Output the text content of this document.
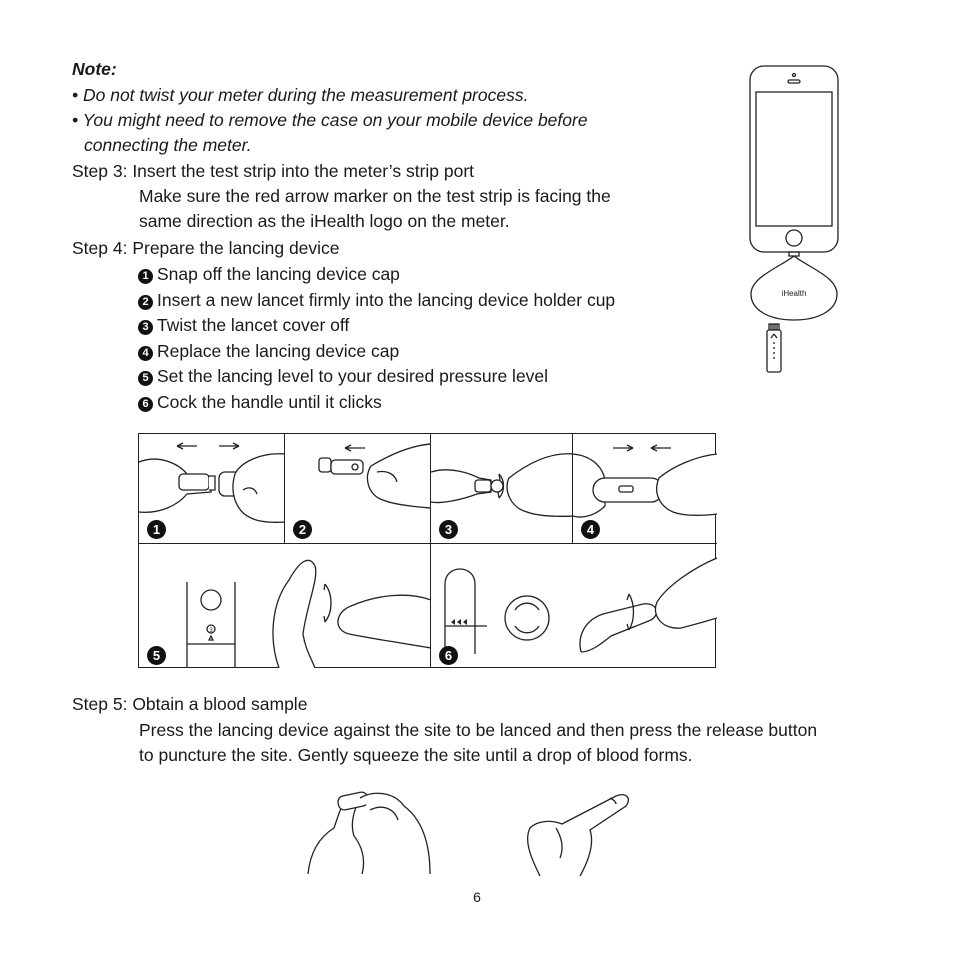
Note:
• Do not twist your meter during the measurement process.
• You might need to remove the case on your mobile device before
connecting the meter.
Step 3: Insert the test strip into the meter’s strip port
Make sure the red arrow marker on the test strip is facing the
same direction as the iHealth logo on the meter.
Step 4: Prepare the lancing device
1 Snap off the lancing device cap
2 Insert a new lancet firmly into the lancing device holder cup
3 Twist the lancet cover off
4 Replace the lancing device cap
5 Set the lancing level to your desired pressure level
6 Cock the handle until it clicks
iHealth
1	2	3	4
3
5	6
Step 5: Obtain a blood sample
Press the lancing device against the site to be lanced and then press the release button
to puncture the site. Gently squeeze the site until a drop of blood forms.
6
